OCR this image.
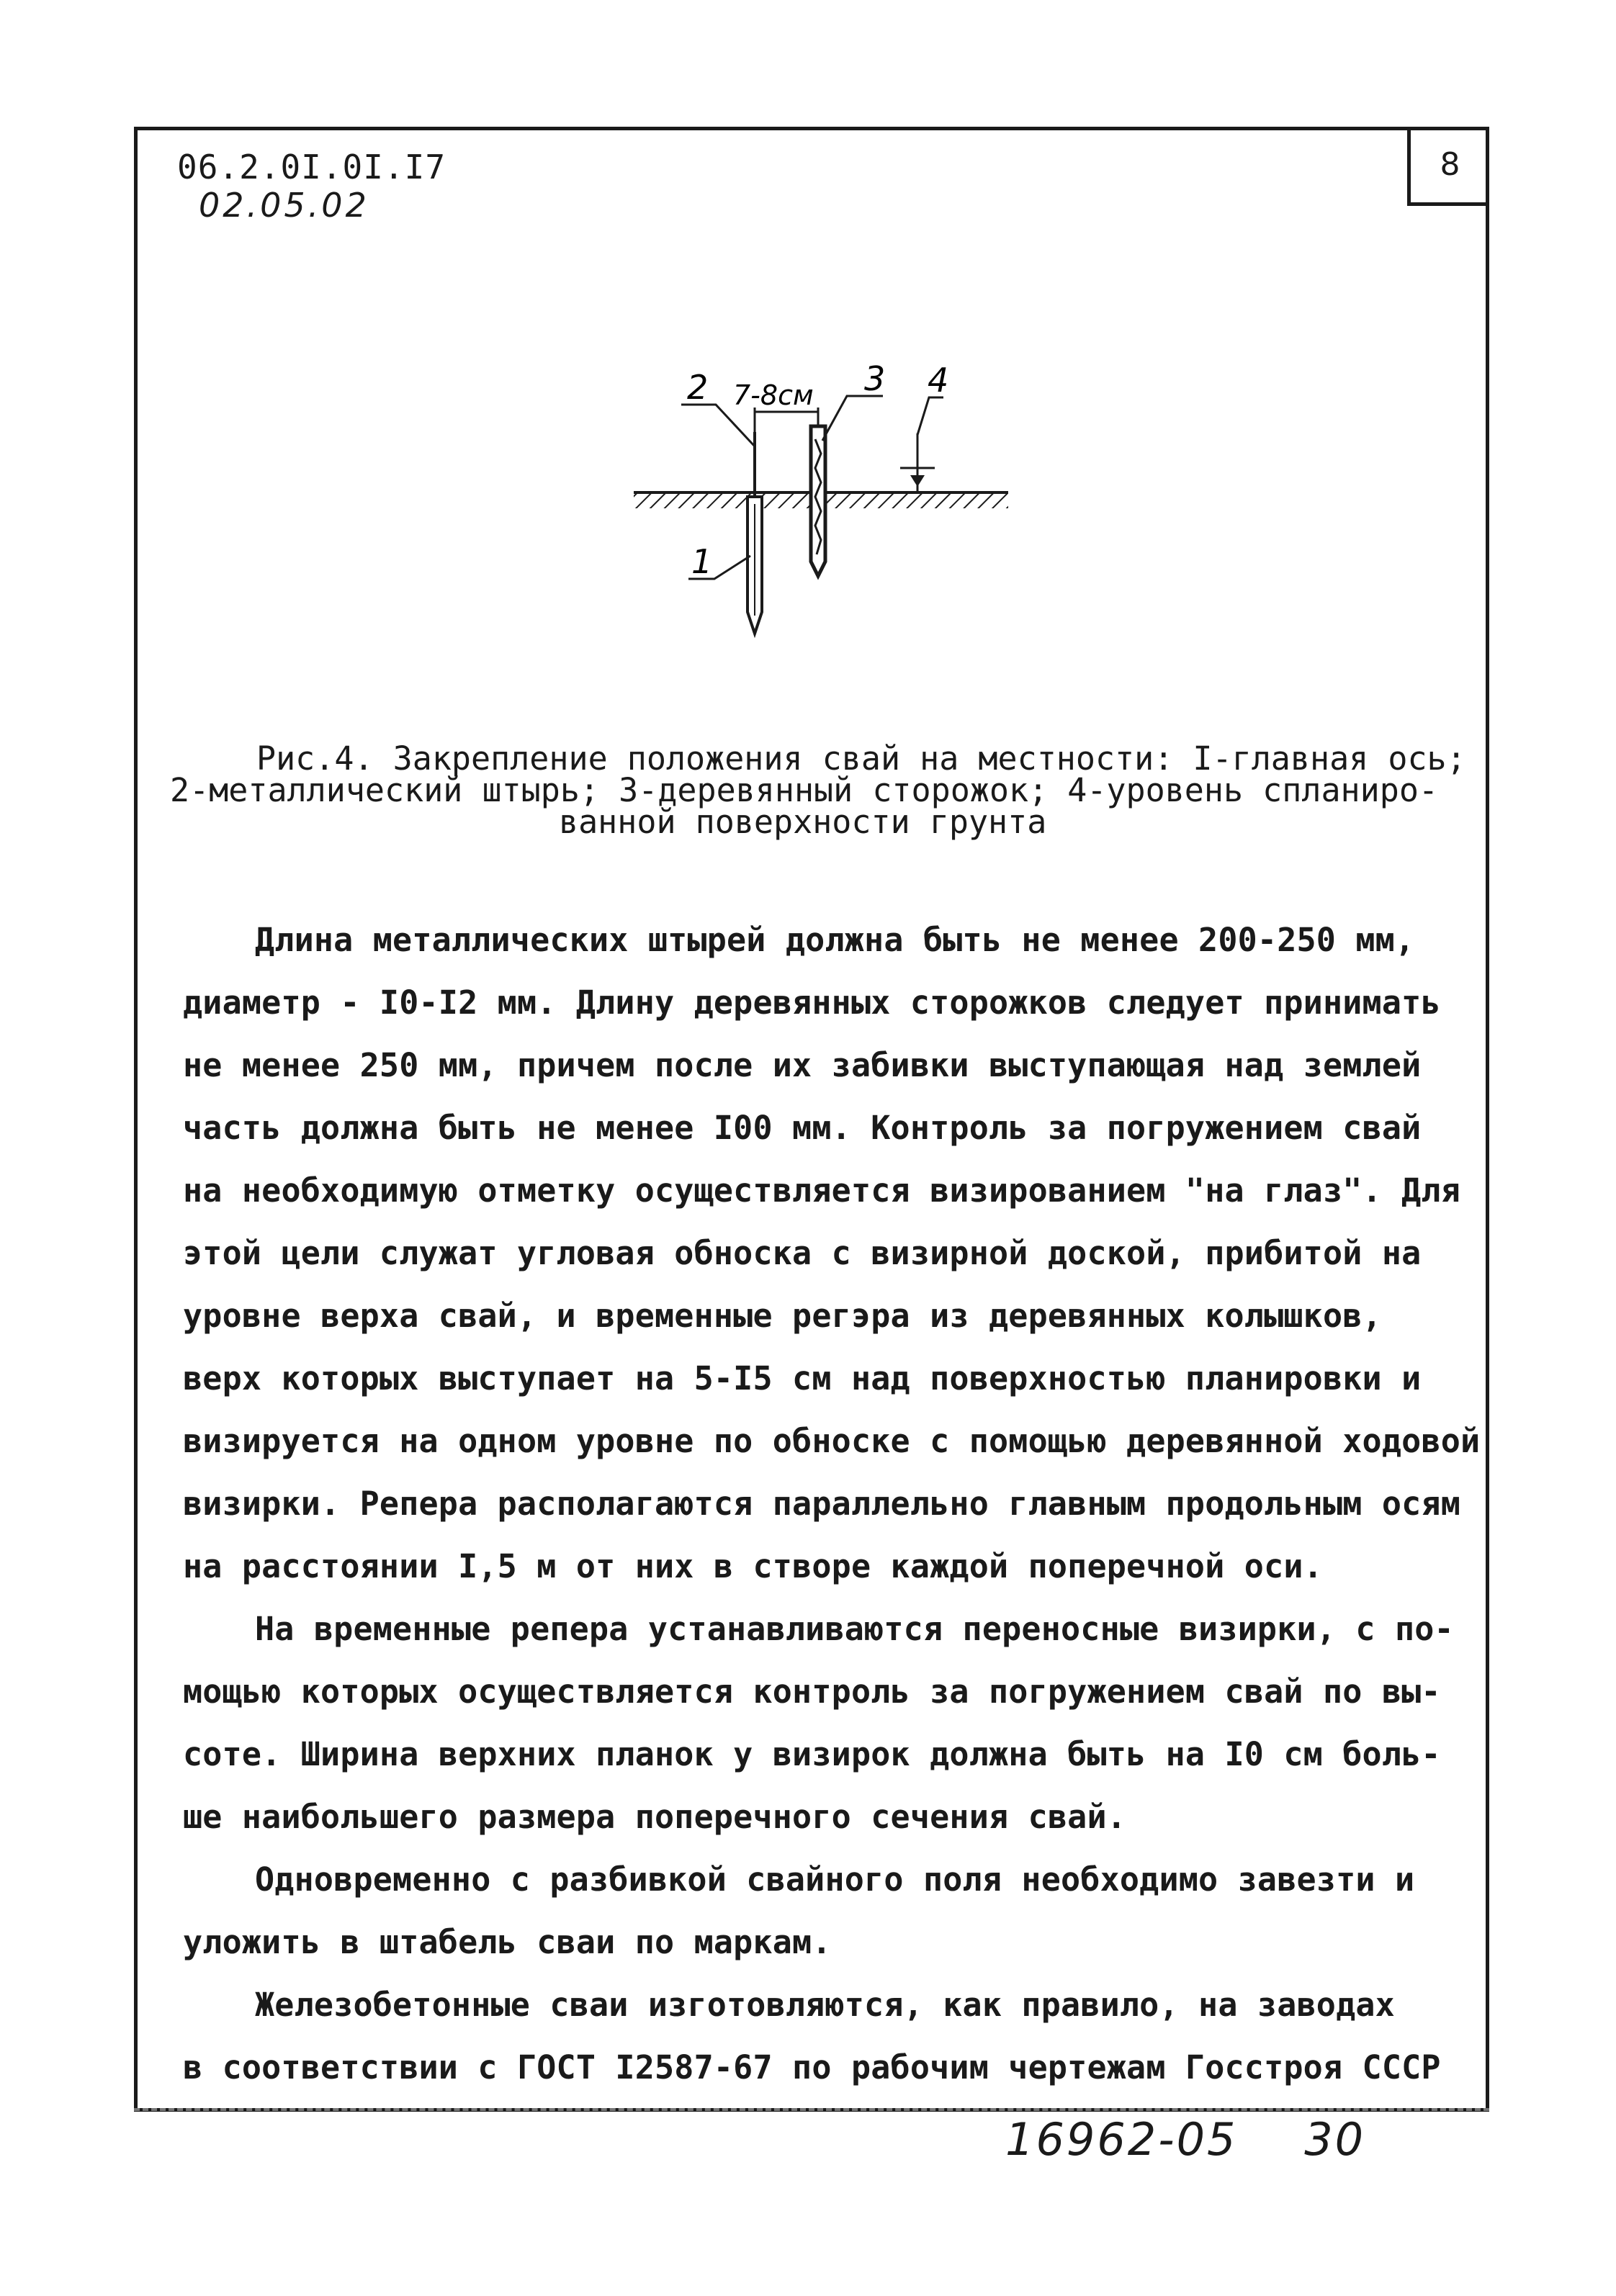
06.2.0I.0I.I7
02.05.02
8
2 7-8см 3 4
1
Рис.4. Закрепление положения свай на местности: I-главная ось;
2-металлический штырь; 3-деревянный сторожок; 4-уровень спланиро-
ванной поверхности грунта
Длина металлических штырей должна быть не менее 200-250 мм,
диаметр - I0-I2 мм. Длину деревянных сторожков следует принимать
не менее 250 мм, причем после их забивки выступающая над землей
часть должна быть не менее I00 мм. Контроль за погружением свай
на необходимую отметку осуществляется визированием "на глаз". Для
этой цели служат угловая обноска с визирной доской, прибитой на
уровне верха свай, и временные регэра из деревянных колышков,
верх которых выступает на 5-I5 см над поверхностью планировки и
визируется на одном уровне по обноске с помощью деревянной ходовой
визирки. Репера располагаются параллельно главным продольным осям
на расстоянии I,5 м от них в створе каждой поперечной оси.
На временные репера устанавливаются переносные визирки, с по-
мощью которых осуществляется контроль за погружением свай по вы-
соте. Ширина верхних планок у визирок должна быть на I0 см боль-
ше наибольшего размера поперечного сечения свай.
Одновременно с разбивкой свайного поля необходимо завезти и
уложить в штабель сваи по маркам.
Железобетонные сваи изготовляются, как правило, на заводах
в соответствии с ГОСТ I2587-67 по рабочим чертежам Госстроя СССР
16962-05 30
